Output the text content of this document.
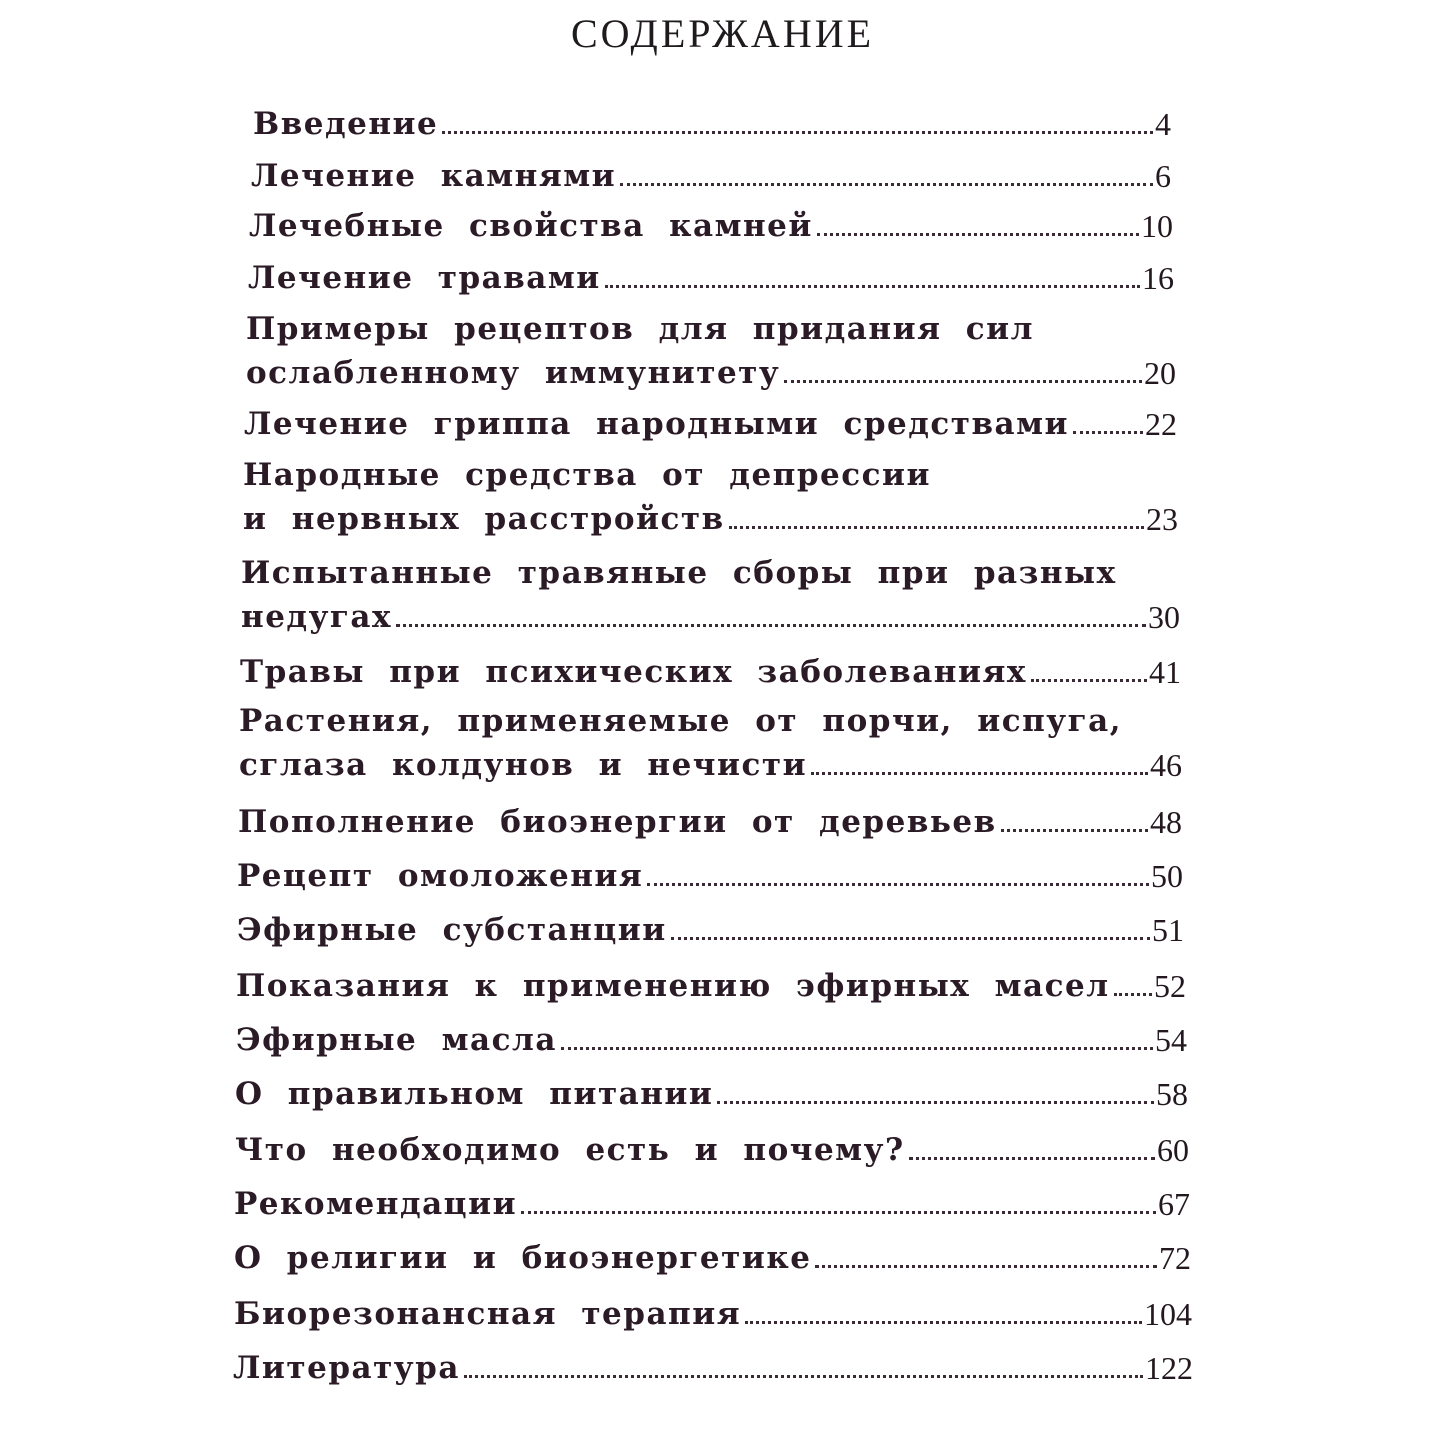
СОДЕРЖАНИЕ
Введение	4
Лечение камнями	6
Лечебные свойства камней	10
Лечение травами	16
Примеры рецептов для придания сил
ослабленному иммунитету	20
Лечение гриппа народными средствами 22
Народные средства от депрессии
и нервных расстройств	23
Испытанные травяные сборы при разных
недугах	30
Травы при психических заболеваниях	41
Растения, применяемые от порчи, испуга,
сглаза колдунов и нечисти	46
Пополнение биоэнергии от деревьев	48
Рецепт омоложения	50
Эфирные субстанции	51
Показания к применению эфирных масел 52
Эфирные масла	54
О правильном питании	58
Что необходимо есть и почему?	60
Рекомендации	67
О религии и биоэнергетике	72
Биорезонансная терапия	104
Литература	122
